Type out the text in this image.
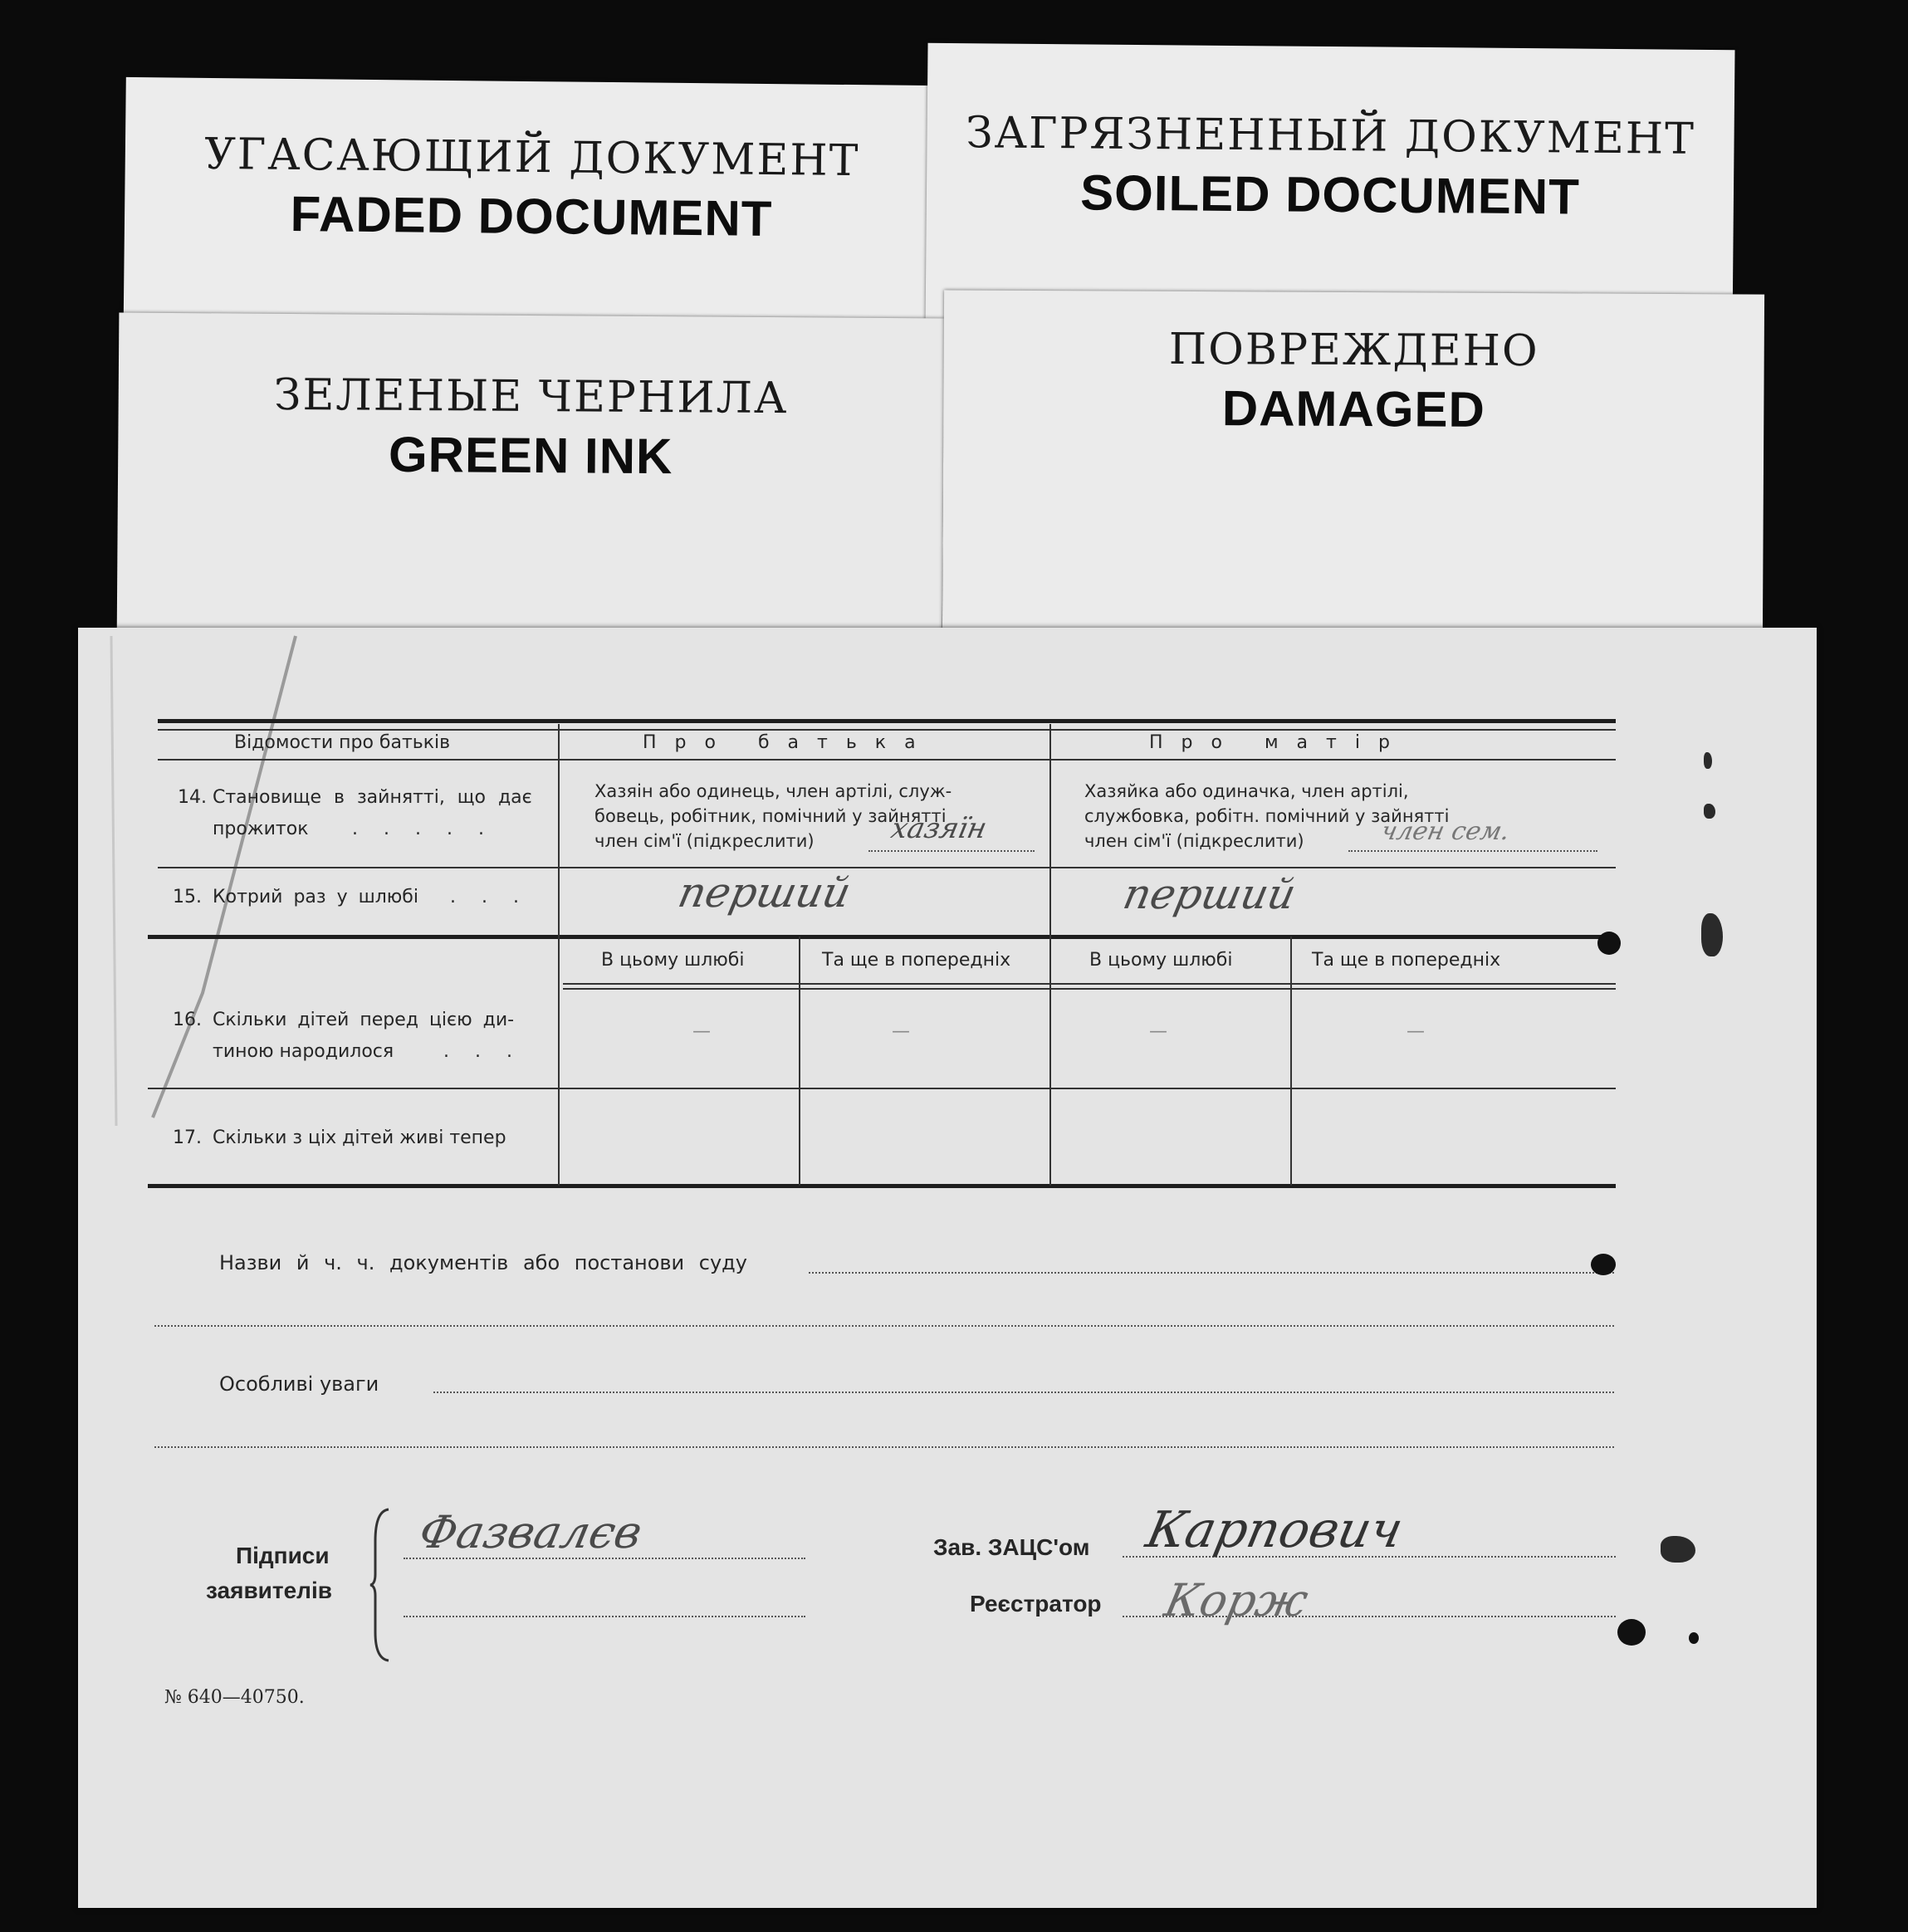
УГАСАЮЩИЙ ДОКУМЕНТ
FADED DOCUMENT
ЗАГРЯЗНЕННЫЙ ДОКУМЕНТ
SOILED DOCUMENT
ЗЕЛЕНЫЕ ЧЕРНИЛА
GREEN INK
ПОВРЕЖДЕНО
DAMAGED
Відомости про батьків	Про батька	Про матір
14. Становище в зайнятті, що дає
прожиток . . . . .
Хазяін або одинець, член артілі, служ-
бовець, робітник, помічний у зайнятті
член сім'ї (підкреслити)	хазяїн
Хазяйка або одиначка, член артілі,
службовка, робітн. помічний у зайнятті
член сім'ї (підкреслити)	член сем.
15. Котрий раз у шлюбі . . .	перший	перший
В цьому шлюбі	Та ще в попередніх	В цьому шлюбі	Та ще в попередніх
16. Скільки дітей перед цією ди-
тиною народилося	. . .
—	—	—	—
17. Скільки з ціх дітей живі тепер
Назви й ч. ч. документів або постанови суду
Особливі уваги
Підписи
заявителів
Фазвалєв	Зав. ЗАЦС'ом Карпович
Реєстратор Корж
№ 640—40750.
